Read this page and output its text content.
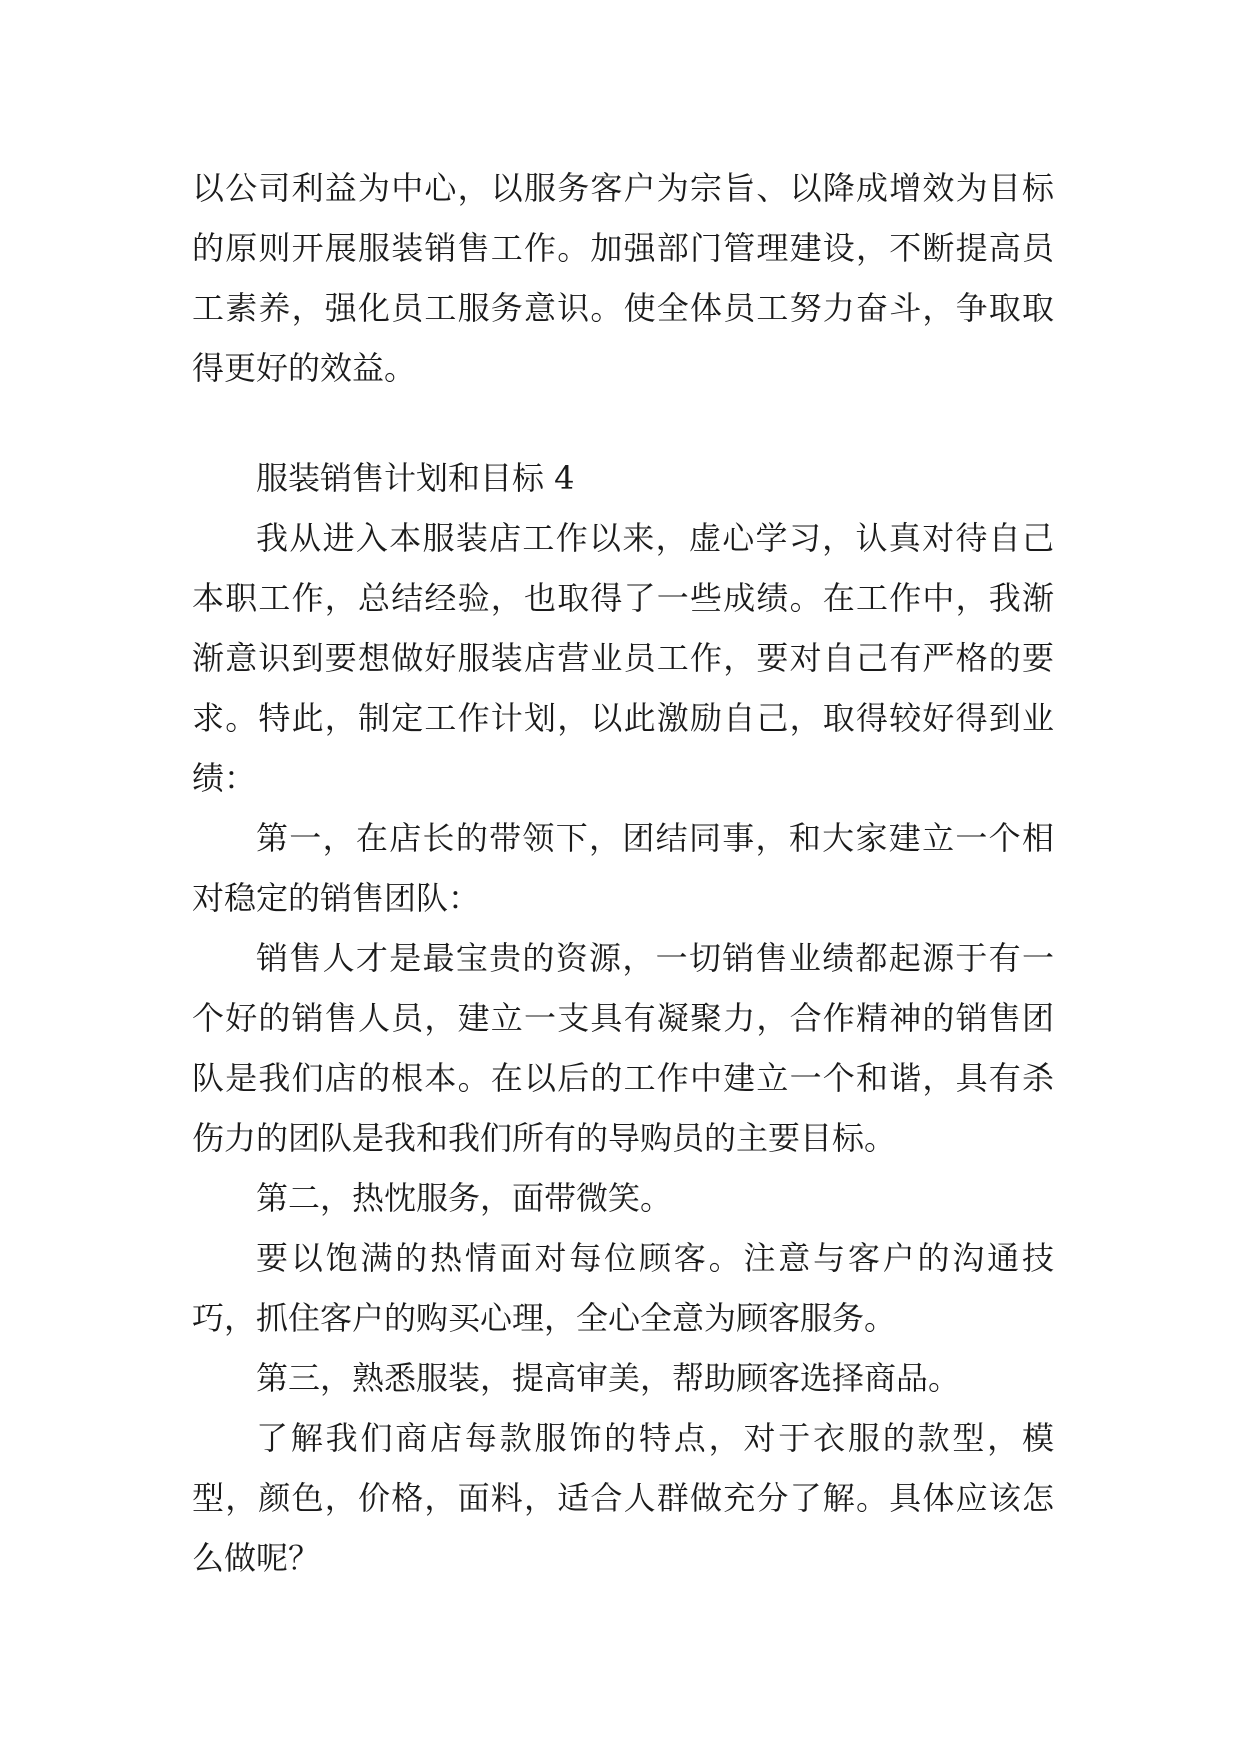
以公司利益为中心，以服务客户为宗旨、以降成增效为目标的原则开展服装销售工作。加强部门管理建设，不断提高员工素养，强化员工服务意识。使全体员工努力奋斗，争取取得更好的效益。

服装销售计划和目标 4

我从进入本服装店工作以来，虚心学习，认真对待自己本职工作，总结经验，也取得了一些成绩。在工作中，我渐渐意识到要想做好服装店营业员工作，要对自己有严格的要求。特此，制定工作计划，以此激励自己，取得较好得到业绩：

第一，在店长的带领下，团结同事，和大家建立一个相对稳定的销售团队：

销售人才是最宝贵的资源，一切销售业绩都起源于有一个好的销售人员，建立一支具有凝聚力，合作精神的销售团队是我们店的根本。在以后的工作中建立一个和谐，具有杀伤力的团队是我和我们所有的导购员的主要目标。

第二，热忱服务，面带微笑。

要以饱满的热情面对每位顾客。注意与客户的沟通技巧，抓住客户的购买心理，全心全意为顾客服务。

第三，熟悉服装，提高审美，帮助顾客选择商品。

了解我们商店每款服饰的特点，对于衣服的款型，模型，颜色，价格，面料，适合人群做充分了解。具体应该怎么做呢？
